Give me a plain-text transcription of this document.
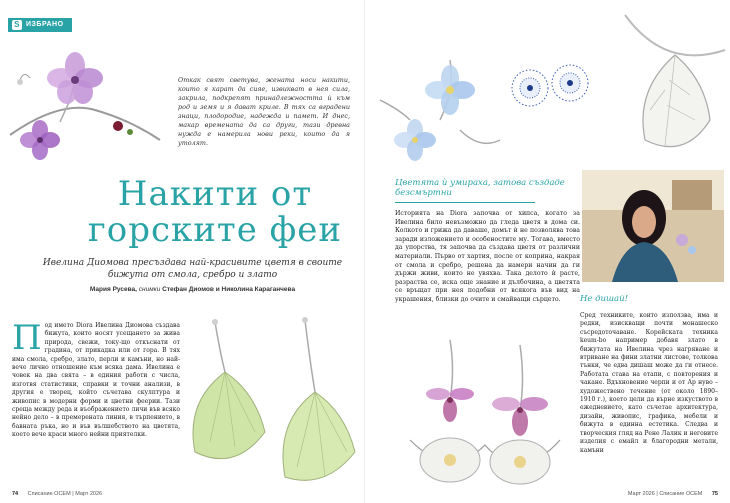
S ИЗБРАНО
Откак свят светува, жената носи накити, които я карат да сияе, извикват в нея сила, закрила, подкрепят принадлежността ѝ към род и земя и я дават криле. В тях са вградени знаци, плодородие, надежда и памет. И днес, макар времената да са други, тази древна нужда е намерила нови реки, които да я утолят.
Накити от горските феи
Ивелина Диомова пресъздава най-красивите цветя в своите бижута от смола, сребро и злато
Мария Русева, снимки Стефан Диомов и Николина Караганчева
Под името Diora Ивелина Диомова създава бижута, които носят усещането за жива природа, свежи, току-що откъснати от градина, от прикадка или от гора. В тях има смола, сребро, злато, перли и камъни, но най-вече лично отношение към всяка дама. Ивелина е човек на два свята – в единия работи с числа, изготвя статистики, справки и точни анализи, в другия е творец, който съчетава скулптура и живопис в модерни форми и цветни феерии. Тази среща между реда и въображението личи във всяко нейно дело – в премерената линия, в търпението, в бавната ръка, но и във вълшебството на цветята, което вече краси много нейни приятелки.
74 Списание ОСЕМ | Март 2026
Цветята ѝ умираха, затова създаде безсмъртни
Историята на Diora започва от хипса, когато за Ивелина било невъзможно да гледа цветя в дома си. Колкото и грижа да даваше, домът ѝ не позволява това заради изложението и особеностите му. Тогава, вместо да упорства, тя започва да създава цветя от различни материали. Първо от хартия, после от коприна, накрая от смола и сребро, решена да намери начин да ги държи живи, които не увяхва. Така делото ѝ расте, разраства се, иска още знание и дълбочина, а цветята се връщат при нея подобни от всякога във вид на украшения, близки до очите и смайващи сърцето.	Не дишай!
Сред техниките, които използва, има и редки, изискващи почти монашеско съсредоточаване. Корейската техника keum-bo например добавя злато в бижутата на Ивелина чрез нагряване и втриване на фини златни листове, толкова тънки, че едва дишаш може да ги отнесе. Работата става на етапи, с повторения и чакане. Вдъхновение черпи и от Ар нуво – художествено течение (от около 1890–1910 г.), което цели да върне изкуството в ежедневието, като съчетае архитектура, дизайн, живопис, графика, мебели и бижута в единна естетика. Следва и творческия гляд на Рене Лалик и неговите изделия с емайл и благородни метали, камъни
Март 2026 | Списание ОСЕМ 75
